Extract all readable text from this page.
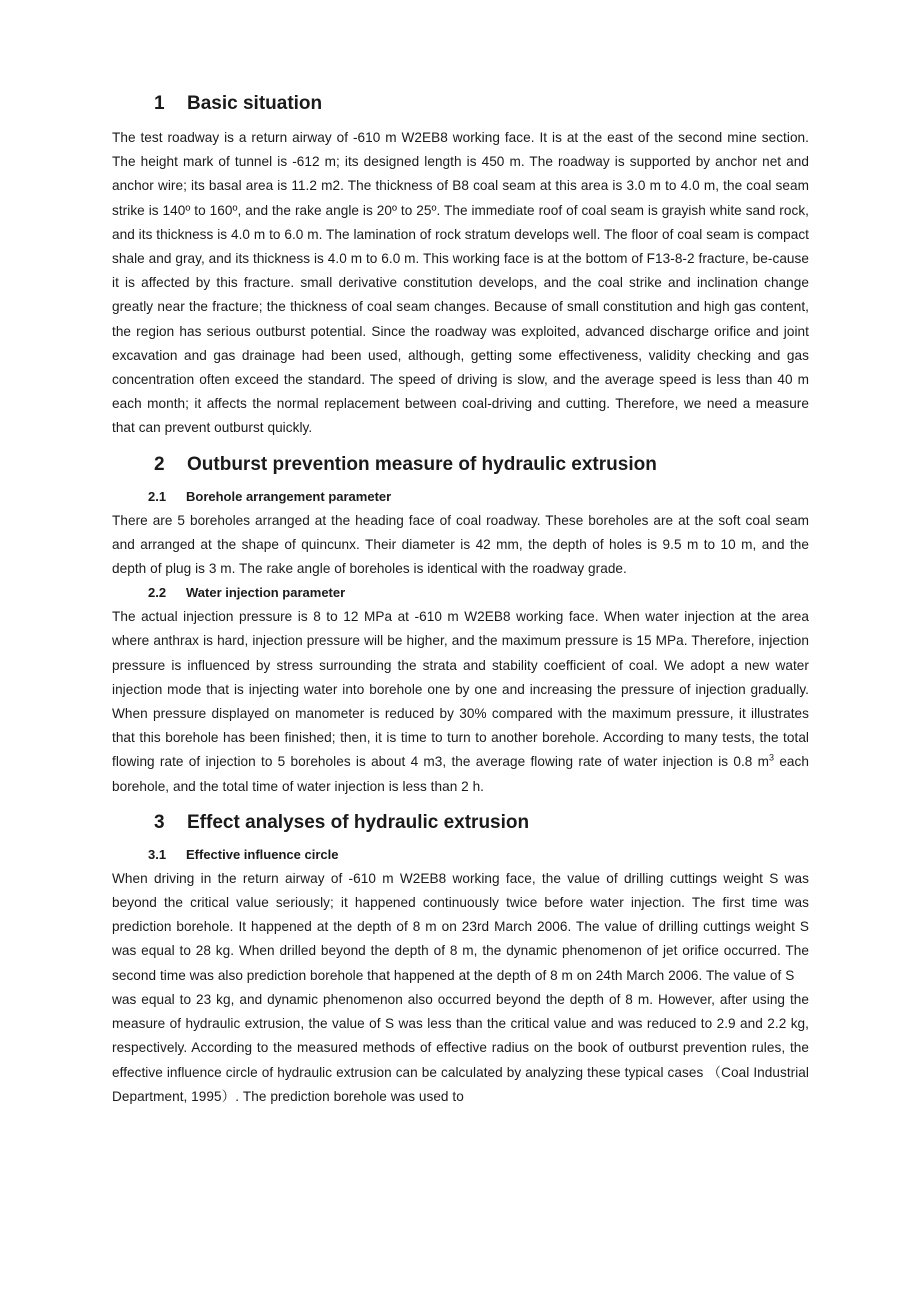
1	Basic situation

The test roadway is a return airway of -610 m W2EB8 working face. It is at the east of the second mine section. The height mark of tunnel is -612 m; its designed length is 450 m. The roadway is supported by anchor net and anchor wire; its basal area is 11.2 m2. The thickness of B8 coal seam at this area is 3.0 m to 4.0 m, the coal seam strike is 140º to 160º, and the rake angle is 20º to 25º. The immediate roof of coal seam is grayish white sand rock, and its thickness is 4.0 m to 6.0 m. The lamination of rock stratum develops well. The floor of coal seam is compact shale and gray, and its thickness is 4.0 m to 6.0 m. This working face is at the bottom of F13-8-2 fracture, be-cause it is affected by this fracture. small derivative constitution develops, and the coal strike and inclination change greatly near the fracture; the thickness of coal seam changes. Because of small constitution and high gas content, the region has serious outburst potential. Since the roadway was exploited, advanced discharge orifice and joint excavation and gas drainage had been used, although, getting some effectiveness, validity checking and gas concentration often exceed the standard. The speed of driving is slow, and the average speed is less than 40 m each month; it affects the normal replacement between coal-driving and cutting. Therefore, we need a measure that can prevent outburst quickly.

2	Outburst prevention measure of hydraulic extrusion
2.1	Borehole arrangement parameter

There are 5 boreholes arranged at the heading face of coal roadway. These boreholes are at the soft coal seam and arranged at the shape of quincunx. Their diameter is 42 mm, the depth of holes is 9.5 m to 10 m, and the depth of plug is 3 m. The rake angle of boreholes is identical with the roadway grade.

2.2	Water injection parameter

The actual injection pressure is 8 to 12 MPa at -610 m W2EB8 working face. When water injection at the area where anthrax is hard, injection pressure will be higher, and the maximum pressure is 15 MPa. Therefore, injection pressure is influenced by stress surrounding the strata and stability coefficient of coal. We adopt a new water injection mode that is injecting water into borehole one by one and increasing the pressure of injection gradually. When pressure displayed on manometer is reduced by 30% compared with the maximum pressure, it illustrates that this borehole has been finished; then, it is time to turn to another borehole. According to many tests, the total flowing rate of injection to 5 boreholes is about 4 m3, the average flowing rate of water injection is 0.8 $m^3$ each borehole, and the total time of water injection is less than 2 h.

3	Effect analyses of hydraulic extrusion
3.1	Effective influence circle

When driving in the return airway of -610 m W2EB8 working face, the value of drilling cuttings weight S was beyond the critical value seriously; it happened continuously twice before water injection. The first time was prediction borehole. It happened at the depth of 8 m on 23rd March 2006. The value of drilling cuttings weight S was equal to 28 kg. When drilled beyond the depth of 8 m, the dynamic phenomenon of jet orifice occurred. The second time was also prediction borehole that happened at the depth of 8 m on 24th March 2006. The value of S

was equal to 23 kg, and dynamic phenomenon also occurred beyond the depth of 8 m. However, after using the measure of hydraulic extrusion, the value of S was less than the critical value and was reduced to 2.9 and 2.2 kg, respectively. According to the measured methods of effective radius on the book of outburst prevention rules, the effective influence circle of hydraulic extrusion can be calculated by analyzing these typical cases （Coal Industrial Department, 1995）. The prediction borehole was used to
